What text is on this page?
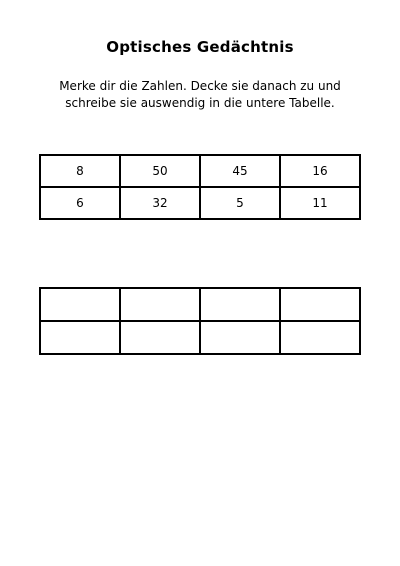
Optisches Gedächtnis
Merke dir die Zahlen. Decke sie danach zu und
schreibe sie auswendig in die untere Tabelle.
8	50	45	16
6	32	5	11
